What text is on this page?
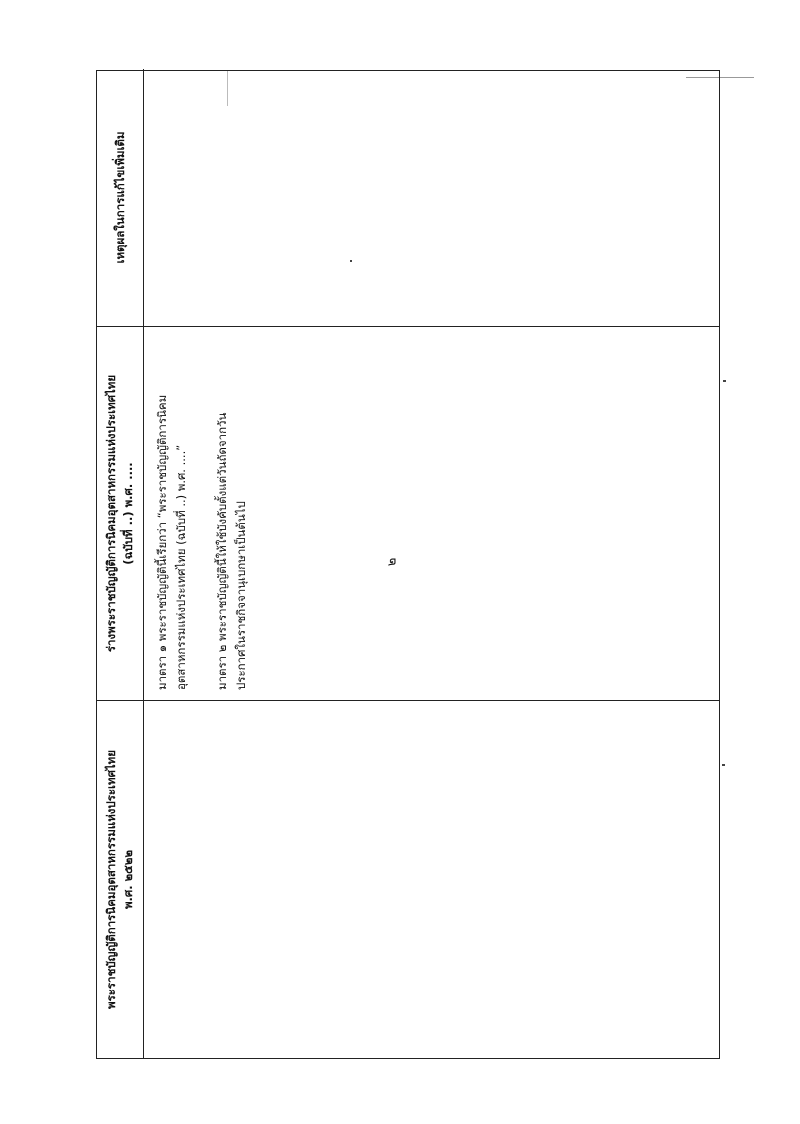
๒
พระราชบัญญัติการนิคมอุตสาหกรรมแห่งประเทศไทย พ.ศ. ๒๕๒๒
ร่างพระราชบัญญัติการนิคมอุตสาหกรรมแห่งประเทศไทย (ฉบับที่ ..) พ.ศ. .... มาตรา ๑ พระราชบัญญัตินี้เรียกว่า “พระราชบัญญัติการนิคม อุตสาหกรรมแห่งประเทศไทย (ฉบับที่ ..) พ.ศ. ....” มาตรา ๒ พระราชบัญญัตินี้ให้ใช้บังคับตั้งแต่วันถัดจากวัน ประกาศในราชกิจจานุเบกษาเป็นต้นไป

เหตุผลในการแก้ไขเพิ่มเติม
